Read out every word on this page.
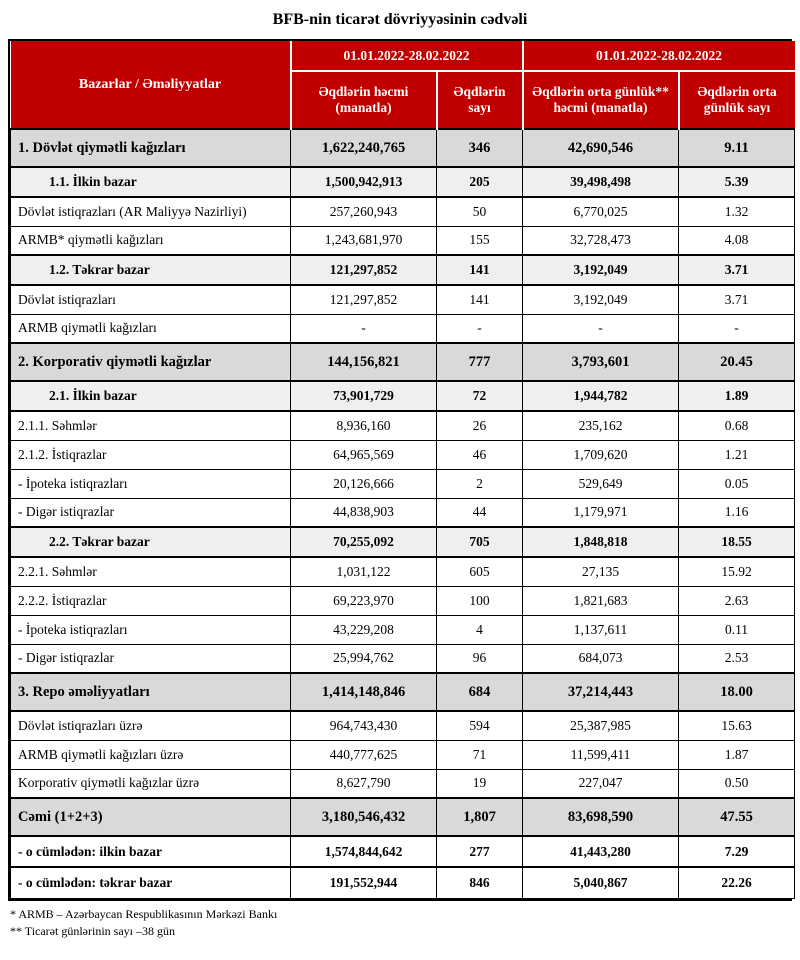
BFB-nin ticarət dövriyyəsinin cədvəli
Bazarlar / Əməliyyatlar	01.01.2022-28.02.2022		01.01.2022-28.02.2022	
	Əqdlərin həcmi (manatla)	Əqdlərin sayı	Əqdlərin orta günlük** həcmi (manatla)	Əqdlərin orta günlük sayı
1. Dövlət qiymətli kağızları	1,622,240,765	346	42,690,546	9.11
1.1. İlkin bazar	1,500,942,913	205	39,498,498	5.39
Dövlət istiqrazları (AR Maliyyə Nazirliyi)	257,260,943	50	6,770,025	1.32
ARMB* qiymətli kağızları	1,243,681,970	155	32,728,473	4.08
1.2. Təkrar bazar	121,297,852	141	3,192,049	3.71
Dövlət istiqrazları	121,297,852	141	3,192,049	3.71
ARMB qiymətli kağızları	-	-	-	-
2. Korporativ qiymətli kağızlar	144,156,821	777	3,793,601	20.45
2.1. İlkin bazar	73,901,729	72	1,944,782	1.89
2.1.1. Səhmlər	8,936,160	26	235,162	0.68
2.1.2. İstiqrazlar	64,965,569	46	1,709,620	1.21
- İpoteka istiqrazları	20,126,666	2	529,649	0.05
- Digər istiqrazlar	44,838,903	44	1,179,971	1.16
2.2. Təkrar bazar	70,255,092	705	1,848,818	18.55
2.2.1. Səhmlər	1,031,122	605	27,135	15.92
2.2.2. İstiqrazlar	69,223,970	100	1,821,683	2.63
- İpoteka istiqrazları	43,229,208	4	1,137,611	0.11
- Digər istiqrazlar	25,994,762	96	684,073	2.53
3. Repo əməliyyatları	1,414,148,846	684	37,214,443	18.00
Dövlət istiqrazları üzrə	964,743,430	594	25,387,985	15.63
ARMB qiymətli kağızları üzrə	440,777,625	71	11,599,411	1.87
Korporativ qiymətli kağızlar üzrə	8,627,790	19	227,047	0.50
Cəmi (1+2+3)	3,180,546,432	1,807	83,698,590	47.55
- o cümlədən: ilkin bazar	1,574,844,642	277	41,443,280	7.29
- o cümlədən: təkrar bazar	191,552,944	846	5,040,867	22.26
* ARMB – Azərbaycan Respublikasının Mərkəzi Bankı
** Ticarət günlərinin sayı –38 gün
